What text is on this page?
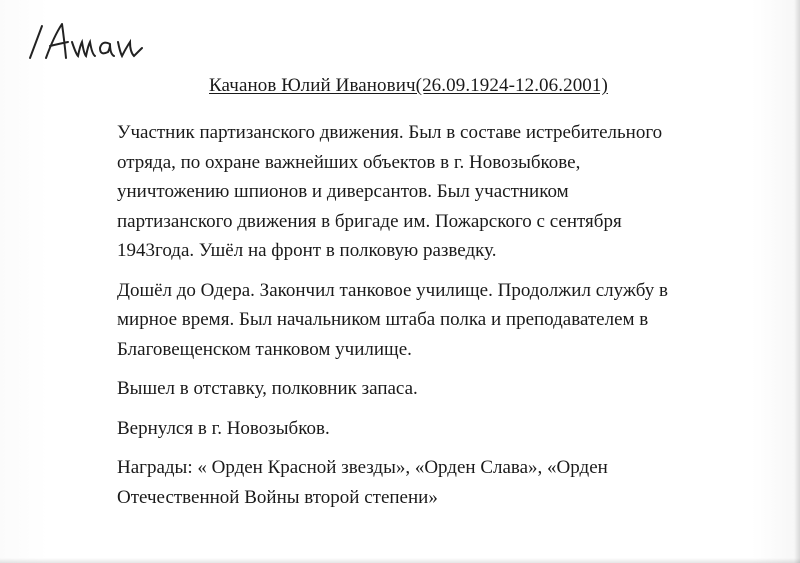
Качанов Юлий Иванович(26.09.1924-12.06.2001)

Участник партизанского движения. Был в составе истребительного
отряда, по охране важнейших объектов в г. Новозыбкове,
уничтожению шпионов и диверсантов. Был участником
партизанского движения в бригаде им. Пожарского с сентября
1943года. Ушёл на фронт в полковую разведку.

Дошёл до Одера. Закончил танковое училище. Продолжил службу в
мирное время. Был начальником штаба полка и преподавателем в
Благовещенском танковом училище.

Вышел в отставку, полковник запаса.

Вернулся в г. Новозыбков.

Награды: « Орден Красной звезды», «Орден Слава», «Орден
Отечественной Войны второй степени»
